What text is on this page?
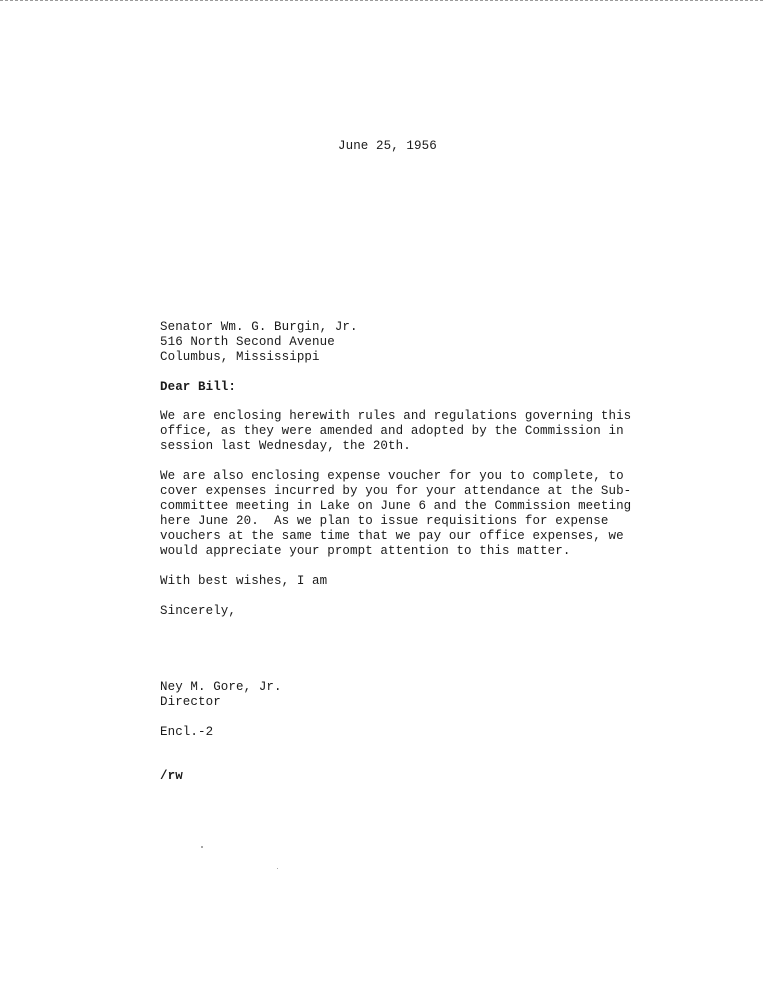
June 25, 1956
Senator Wm. G. Burgin, Jr.
516 North Second Avenue
Columbus, Mississippi
Dear Bill:
We are enclosing herewith rules and regulations governing this
office, as they were amended and adopted by the Commission in
session last Wednesday, the 20th.
We are also enclosing expense voucher for you to complete, to
cover expenses incurred by you for your attendance at the Sub-
committee meeting in Lake on June 6 and the Commission meeting
here June 20.  As we plan to issue requisitions for expense
vouchers at the same time that we pay our office expenses, we
would appreciate your prompt attention to this matter.
With best wishes, I am
Sincerely,
Ney M. Gore, Jr.
Director
Encl.-2
/rw
